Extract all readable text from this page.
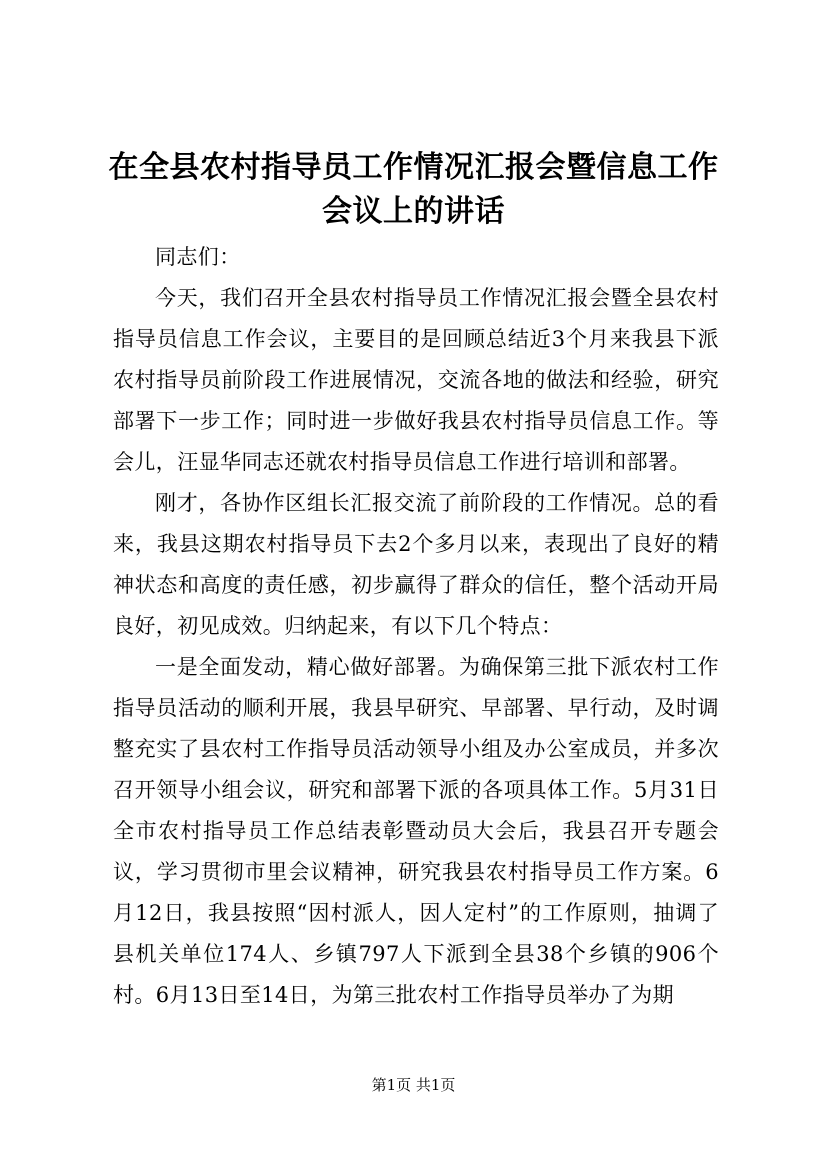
在全县农村指导员工作情况汇报会暨信息工作会议上的讲话

同志们：

今天，我们召开全县农村指导员工作情况汇报会暨全县农村指导员信息工作会议，主要目的是回顾总结近3个月来我县下派农村指导员前阶段工作进展情况，交流各地的做法和经验，研究部署下一步工作；同时进一步做好我县农村指导员信息工作。等会儿，汪显华同志还就农村指导员信息工作进行培训和部署。

刚才，各协作区组长汇报交流了前阶段的工作情况。总的看来，我县这期农村指导员下去2个多月以来，表现出了良好的精神状态和高度的责任感，初步赢得了群众的信任，整个活动开局良好，初见成效。归纳起来，有以下几个特点：

一是全面发动，精心做好部署。为确保第三批下派农村工作指导员活动的顺利开展，我县早研究、早部署、早行动，及时调整充实了县农村工作指导员活动领导小组及办公室成员，并多次召开领导小组会议，研究和部署下派的各项具体工作。5月31日全市农村指导员工作总结表彰暨动员大会后，我县召开专题会议，学习贯彻市里会议精神，研究我县农村指导员工作方案。6月12日，我县按照“因村派人，因人定村”的工作原则，抽调了县机关单位174人、乡镇797人下派到全县38个乡镇的906个村。6月13日至14日，为第三批农村工作指导员举办了为期

第1页 共1页
